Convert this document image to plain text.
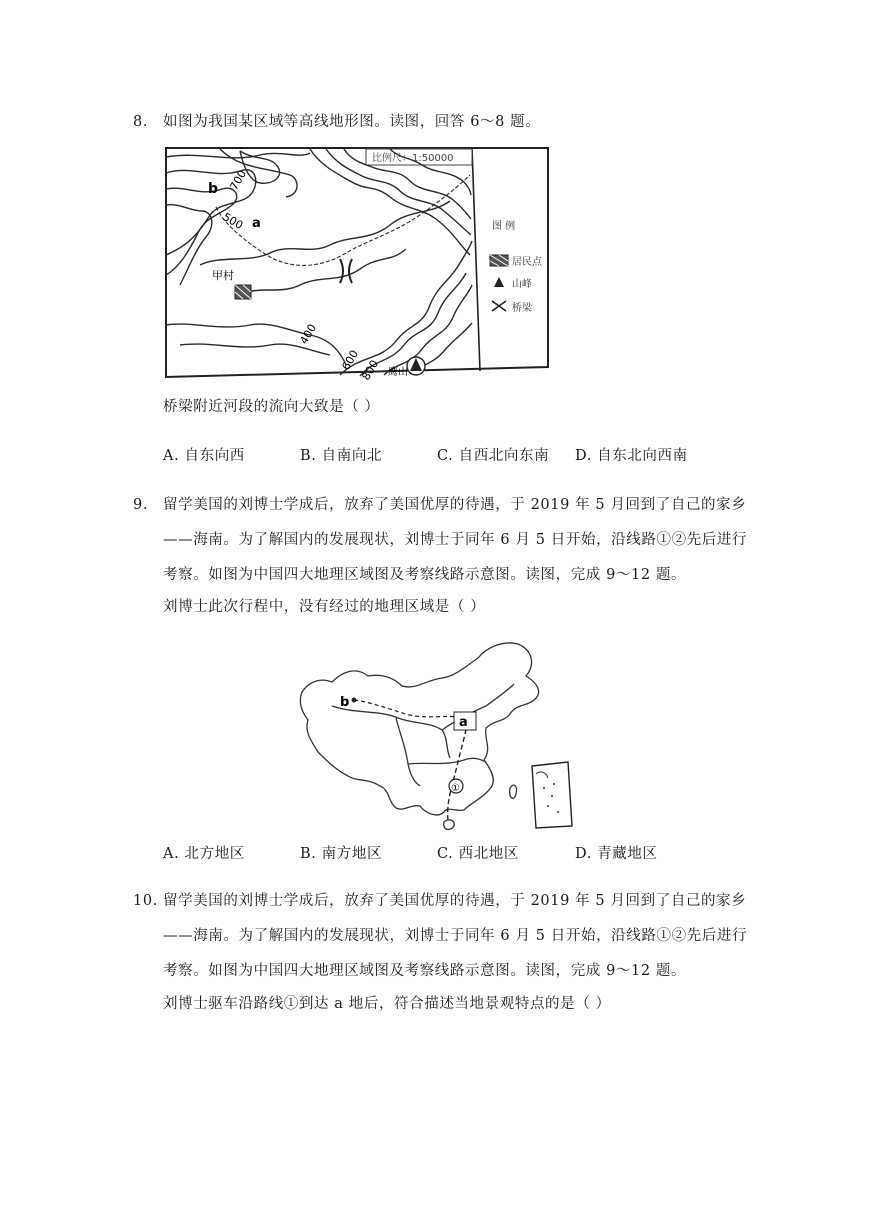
8. 如图为我国某区域等高线地形图。读图，回答 6～8 题。
比例尺：1:50000
b
a
700
500
甲村
400
600
800 鹰山
图 例
居民点
山峰
桥梁
桥梁附近河段的流向大致是（ ）
A. 自东向西	B. 自南向北	C. 自西北向东南 D. 自东北向西南
9. 留学美国的刘博士学成后，放弃了美国优厚的待遇，于 2019 年 5 月回到了自己的家乡
——海南。为了解国内的发展现状，刘博士于同年 6 月 5 日开始，沿线路①②先后进行
考察。如图为中国四大地理区域图及考察线路示意图。读图，完成 9～12 题。
刘博士此次行程中，没有经过的地理区域是（ ）
①
a
b
A. 北方地区	B. 南方地区	C. 西北地区	D. 青藏地区
10. 留学美国的刘博士学成后，放弃了美国优厚的待遇，于 2019 年 5 月回到了自己的家乡
——海南。为了解国内的发展现状，刘博士于同年 6 月 5 日开始，沿线路①②先后进行
考察。如图为中国四大地理区域图及考察线路示意图。读图，完成 9～12 题。
刘博士驱车沿路线①到达 a 地后，符合描述当地景观特点的是（ ）
